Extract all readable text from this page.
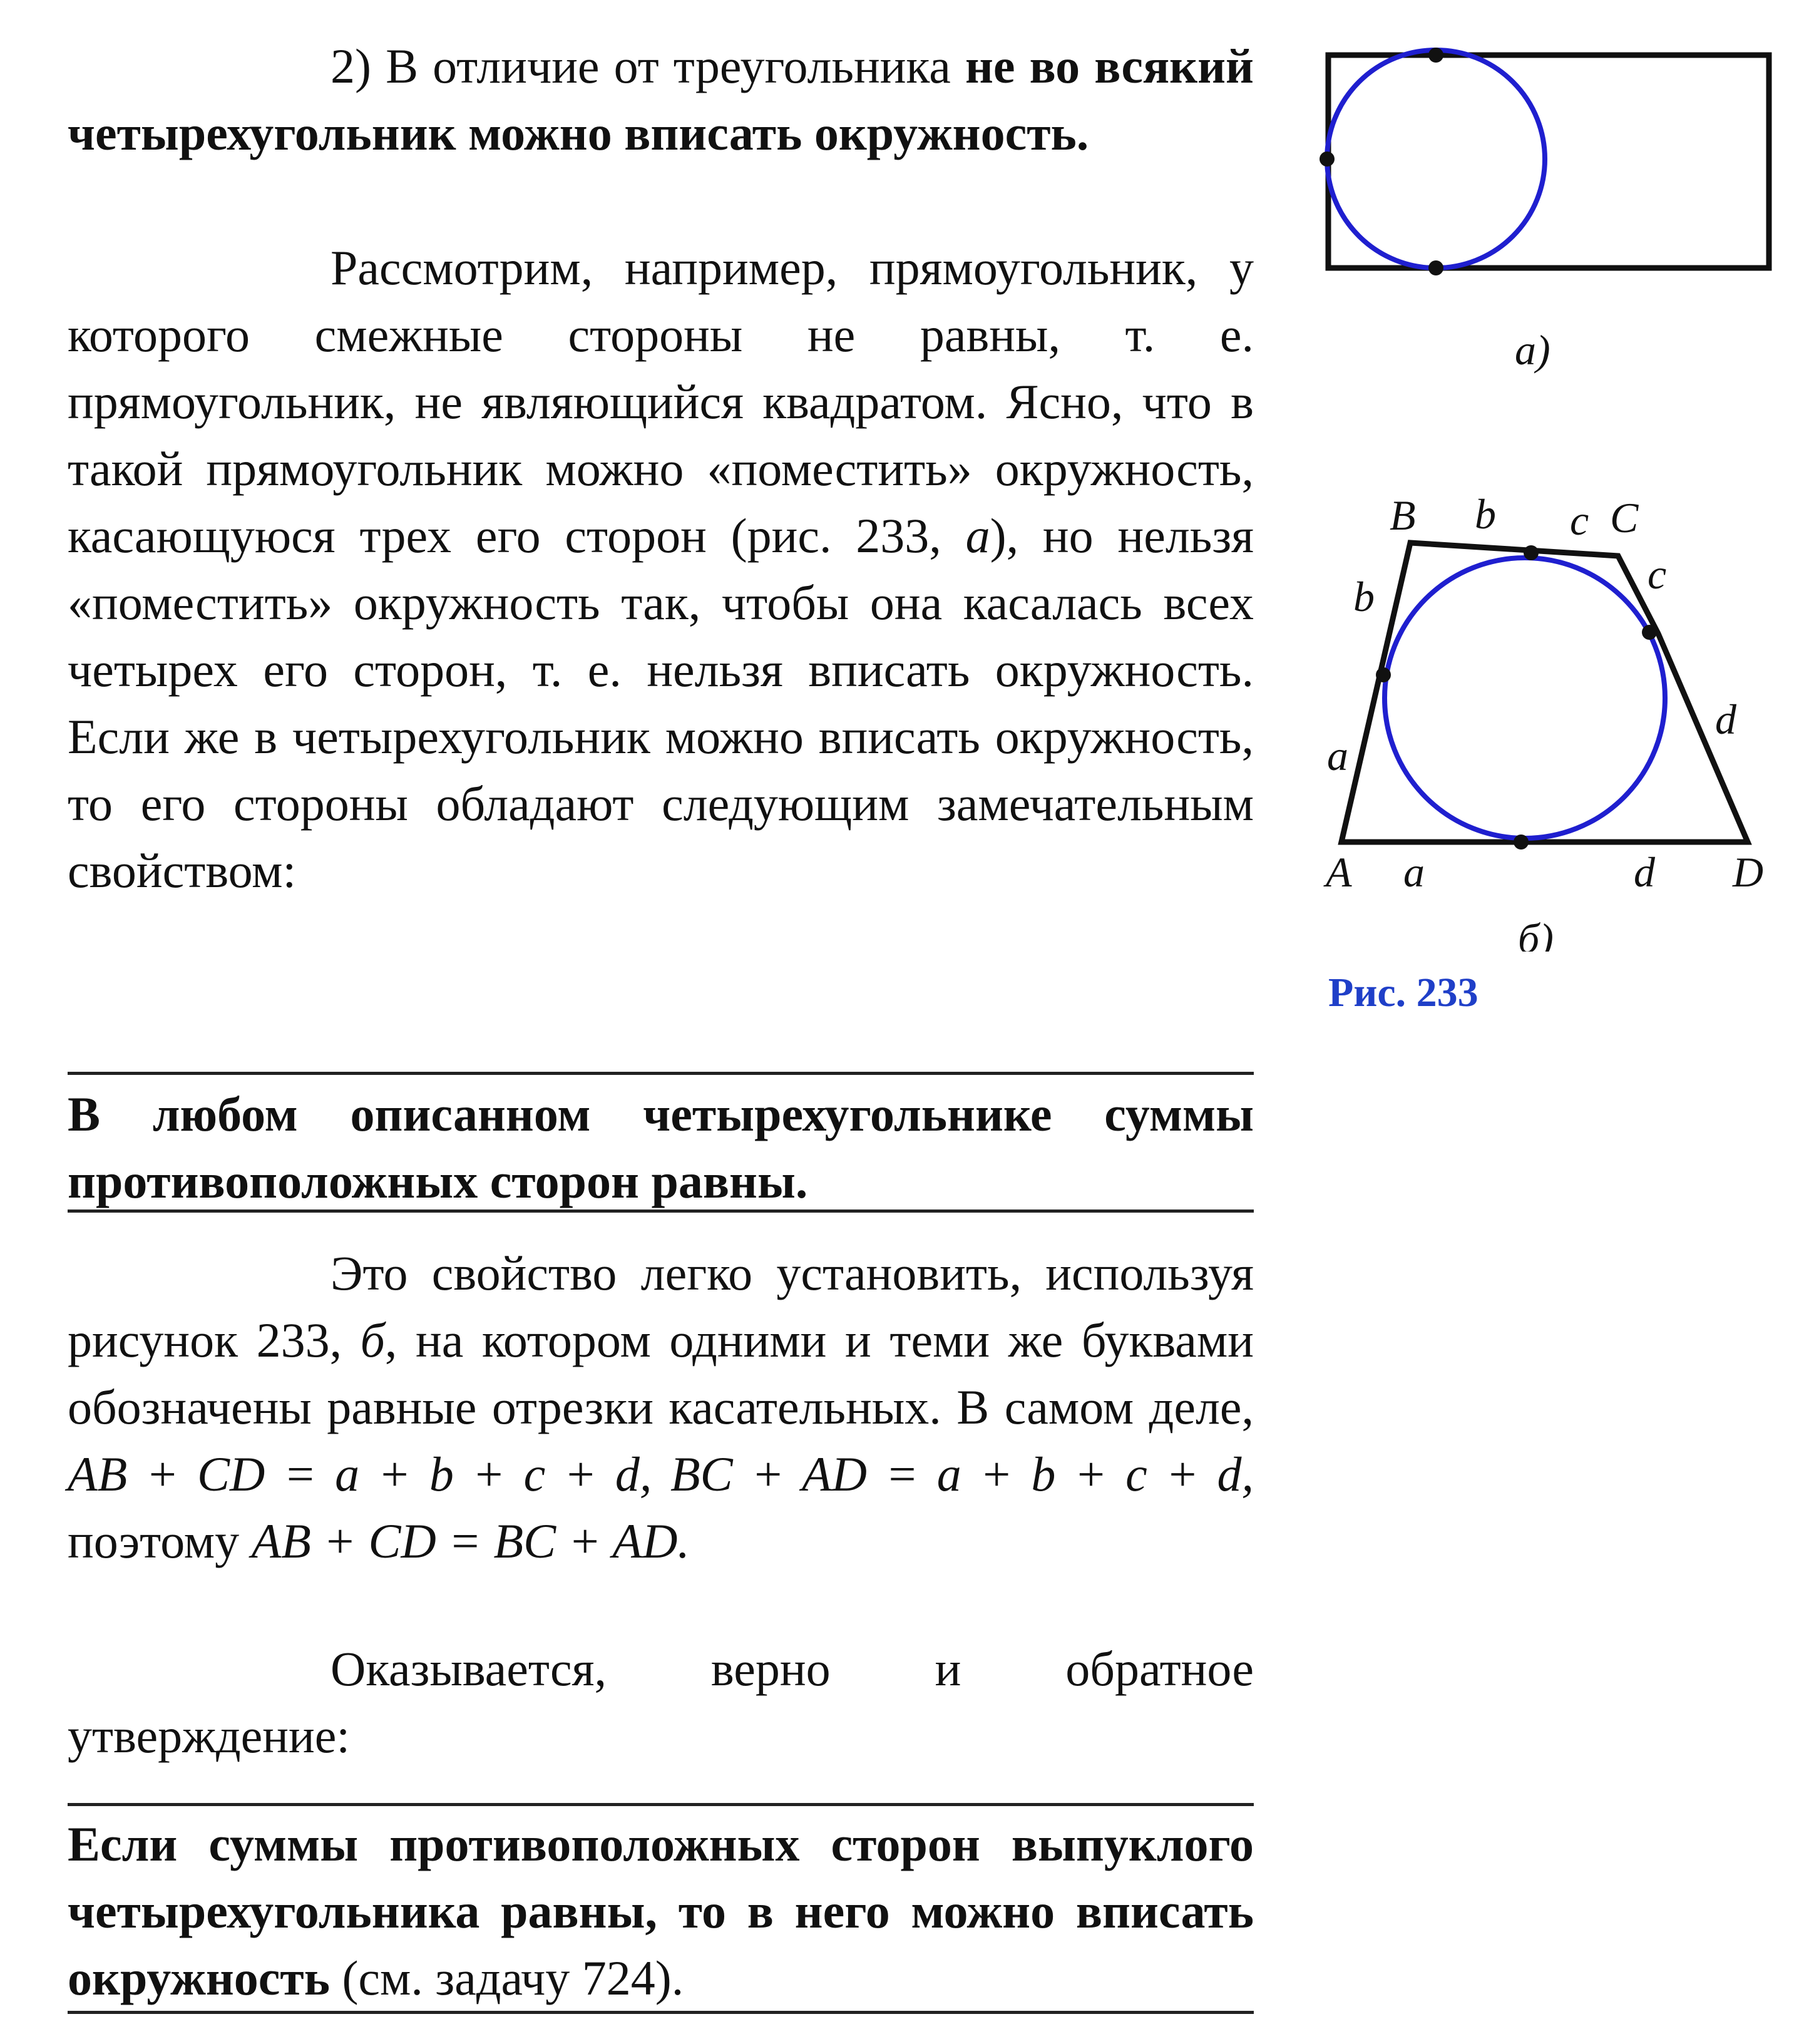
2) В отличие от треугольника не во всякий четырехугольник можно вписать окружность.

Рассмотрим, например, прямоугольник, у которого смежные стороны не равны, т. е. прямоугольник, не являющийся квадратом. Ясно, что в такой прямоугольник можно «поместить» окружность, касающуюся трех его сторон (рис. 233, а), но нельзя «поместить» окружность так, чтобы она касалась всех четырех его сторон, т. е. нельзя вписать окружность. Если же в четырехугольник можно вписать окружность, то его стороны обладают следующим замечательным свойством:

В любом описанном четырехугольнике суммы противоположных сторон равны.

Это свойство легко установить, используя рисунок 233, б, на котором одними и теми же буквами обозначены равные отрезки касательных. В самом деле, AB + CD = a + b + c + d, BC + AD = a + b + c + d, поэтому AB + CD = BC + AD.

Оказывается, верно и обратное утверждение:

Если суммы противоположных сторон выпуклого четырехугольника равны, то в него можно вписать окружность (см. задачу 724).

а)
B b c C
b	c
a
d
A a	d D
б)
Рис. 233
